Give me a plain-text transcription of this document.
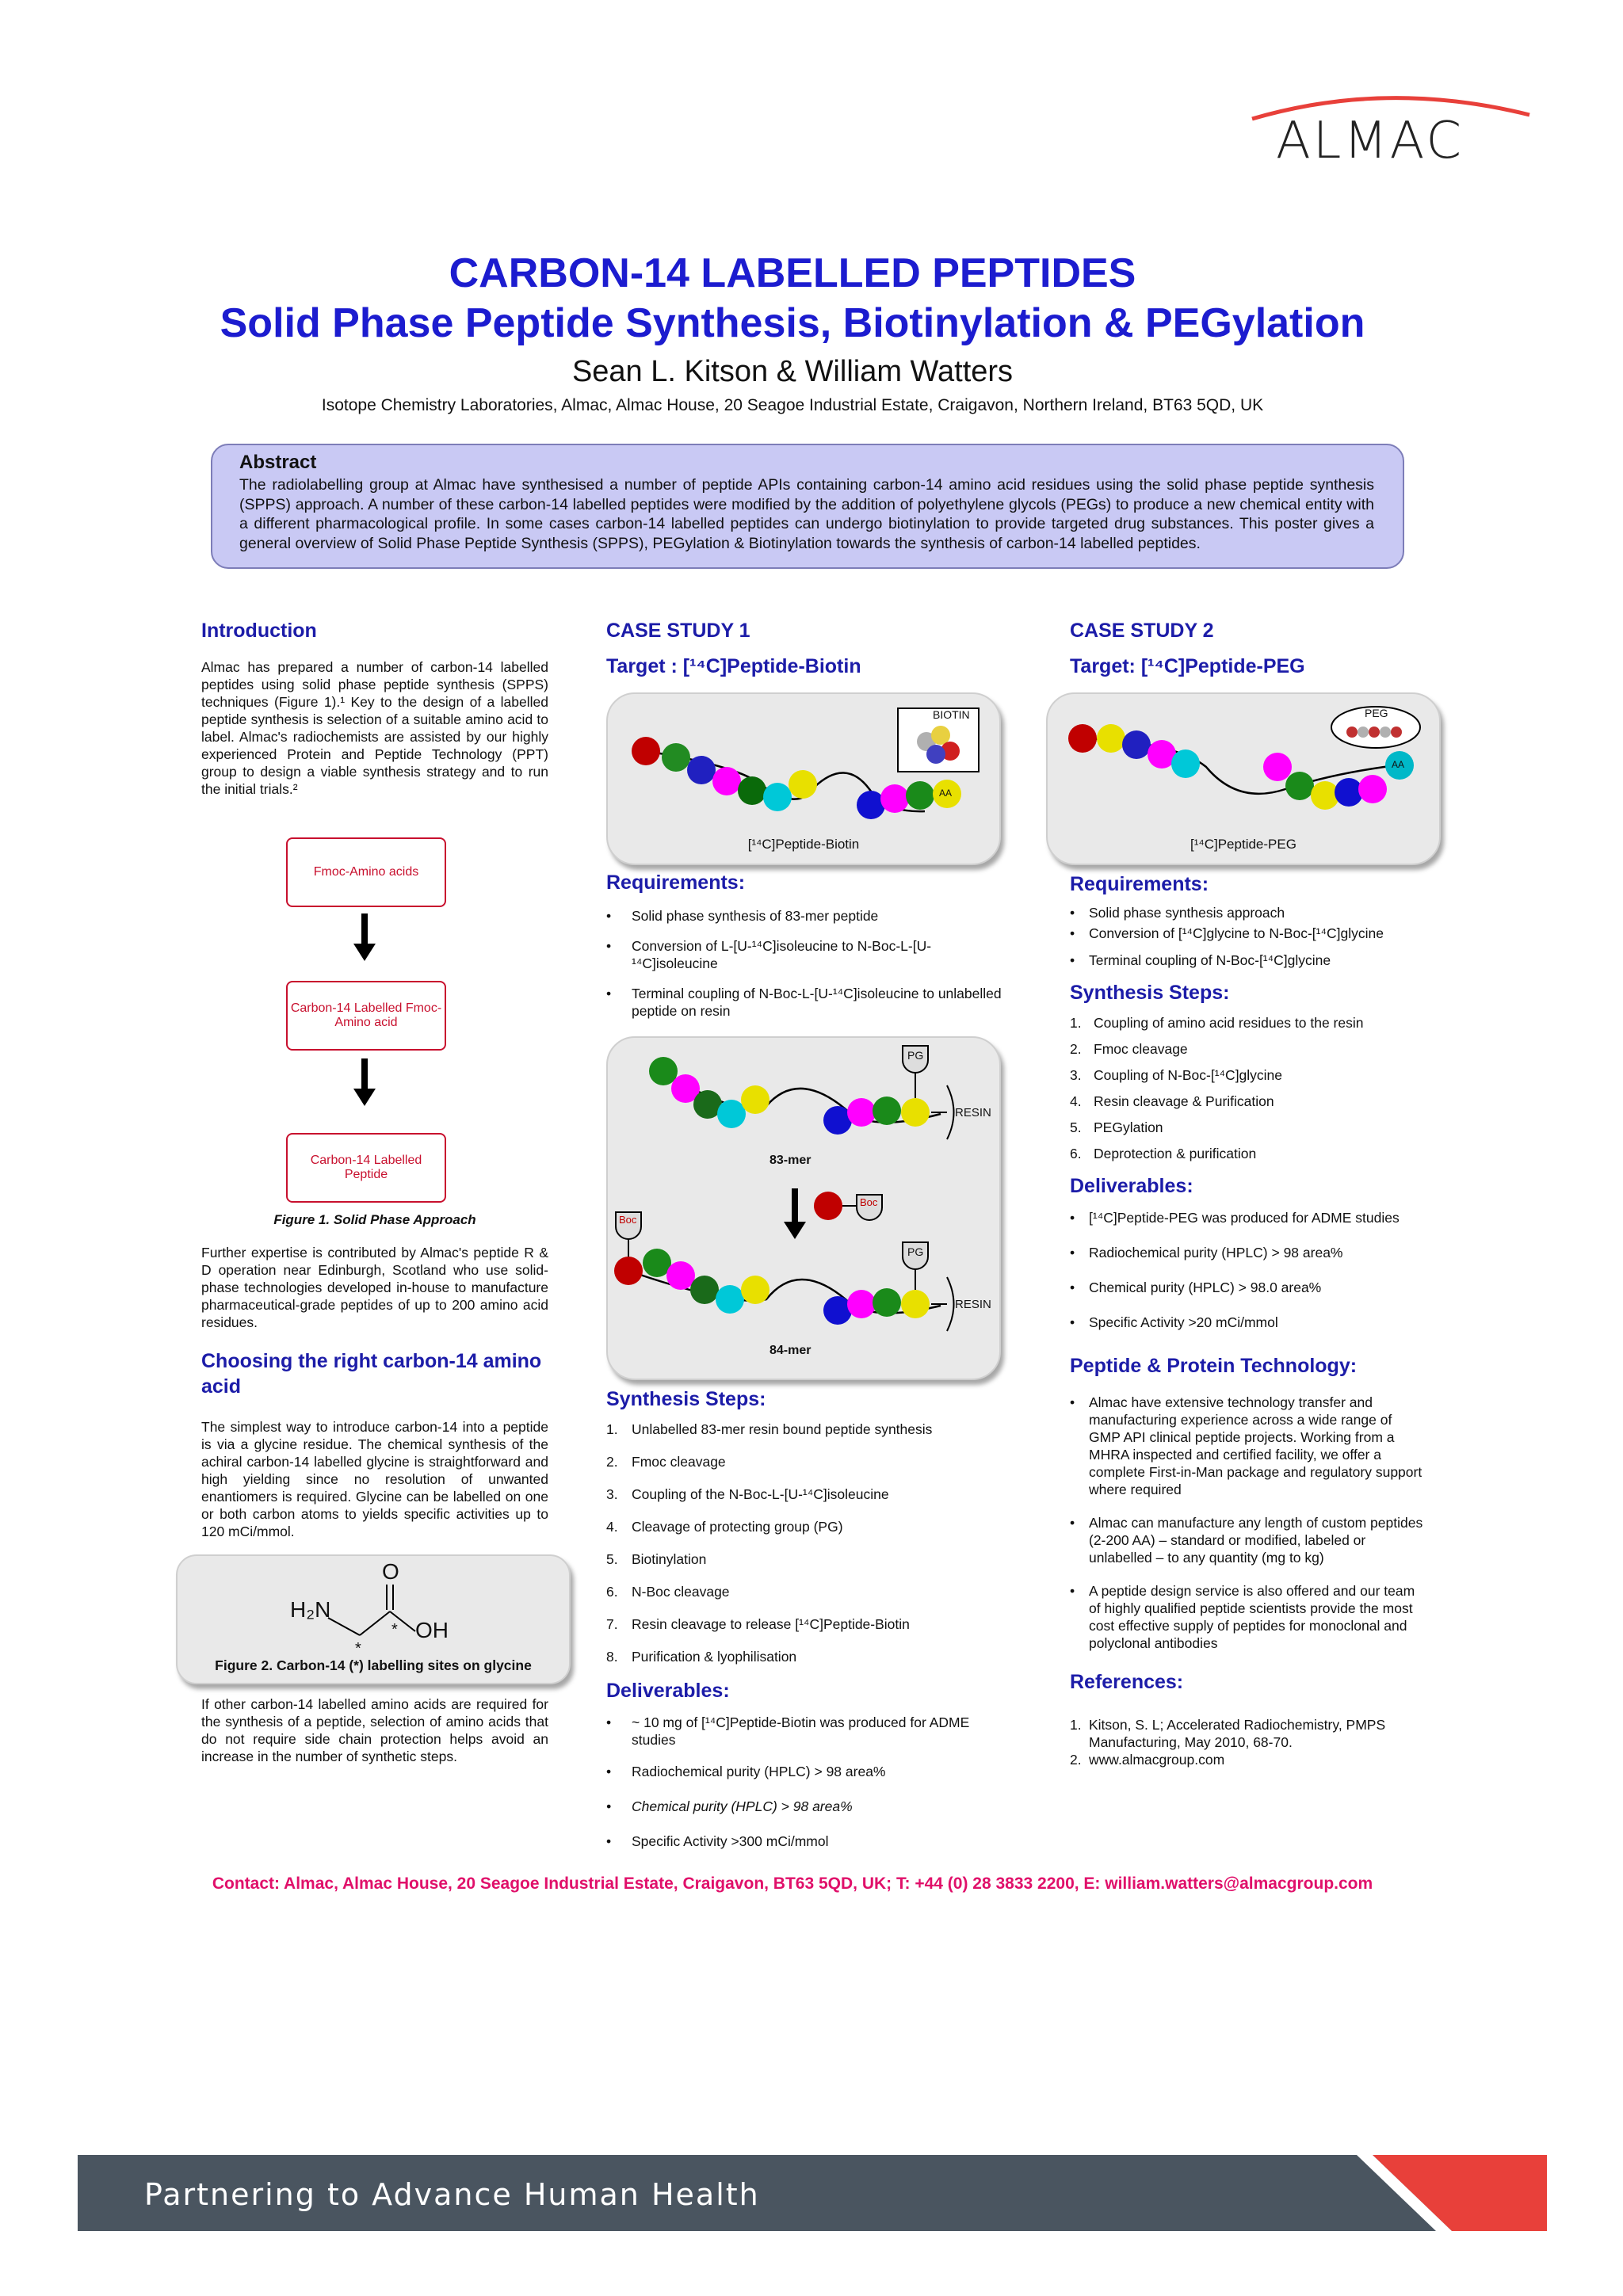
ALMAC
CARBON-14 LABELLED PEPTIDES
Solid Phase Peptide Synthesis, Biotinylation & PEGylation
Sean L. Kitson & William Watters
Isotope Chemistry Laboratories, Almac, Almac House, 20 Seagoe Industrial Estate, Craigavon, Northern Ireland, BT63 5QD, UK
Abstract

The radiolabelling group at Almac have synthesised a number of peptide APIs containing carbon-14 amino acid residues using the solid phase peptide synthesis (SPPS) approach. A number of these carbon-14 labelled peptides were modified by the addition of polyethylene glycols (PEGs) to produce a new chemical entity with a different pharmacological profile. In some cases carbon-14 labelled peptides can undergo biotinylation to provide targeted drug substances. This poster gives a general overview of Solid Phase Peptide Synthesis (SPPS), PEGylation & Biotinylation towards the synthesis of carbon-14 labelled peptides.

Introduction

Almac has prepared a number of carbon-14 labelled peptides using solid phase peptide synthesis (SPPS) techniques (Figure 1).¹ Key to the design of a labelled peptide synthesis is selection of a suitable amino acid to label. Almac's radiochemists are assisted by our highly experienced Protein and Peptide Technology (PPT) group to design a viable synthesis strategy and to run the initial trials.²

Fmoc-Amino acids
Carbon-14 Labelled Fmoc-Amino acid
Carbon-14 Labelled Peptide
Figure 1. Solid Phase Approach

Further expertise is contributed by Almac's peptide R & D operation near Edinburgh, Scotland who use solid-phase technologies developed in-house to manufacture pharmaceutical-grade peptides of up to 200 amino acid residues.

Choosing the right carbon-14 amino acid

The simplest way to introduce carbon-14 into a peptide is via a glycine residue. The chemical synthesis of the achiral carbon-14 labelled glycine is straightforward and high yielding since no resolution of unwanted enantiomers is required. Glycine can be labelled on one or both carbon atoms to yields specific activities up to 120 mCi/mmol.

H₂N
OH
O
*
*
Figure 2. Carbon-14 (*) labelling sites on glycine

If other carbon-14 labelled amino acids are required for the synthesis of a peptide, selection of amino acids that do not require side chain protection helps avoid an increase in the number of synthetic steps.

CASE STUDY 1
Target : [¹⁴C]Peptide-Biotin
BIOTIN
AA
[¹⁴C]Peptide-Biotin
Requirements:
• Solid phase synthesis of 83-mer peptide
• Conversion of L-[U-¹⁴C]isoleucine to N-Boc-L-[U-¹⁴C]isoleucine
• Terminal coupling of N-Boc-L-[U-¹⁴C]isoleucine to unlabelled peptide on resin
PG
RESIN
83-mer
Boc
Boc
PG
RESIN
84-mer
Synthesis Steps:
1. Unlabelled 83-mer resin bound peptide synthesis
2. Fmoc cleavage
3. Coupling of the N-Boc-L-[U-¹⁴C]isoleucine
4. Cleavage of protecting group (PG)
5. Biotinylation
6. N-Boc cleavage
7. Resin cleavage to release [¹⁴C]Peptide-Biotin
8. Purification & lyophilisation
Deliverables:
• ~ 10 mg of [¹⁴C]Peptide-Biotin was produced for ADME studies
• Radiochemical purity (HPLC) > 98 area%
• Chemical purity (HPLC) > 98 area%
• Specific Activity >300 mCi/mmol
CASE STUDY 2
Target: [¹⁴C]Peptide-PEG
PEG
AA
[¹⁴C]Peptide-PEG
Requirements:
• Solid phase synthesis approach
• Conversion of [¹⁴C]glycine to N-Boc-[¹⁴C]glycine
• Terminal coupling of N-Boc-[¹⁴C]glycine
Synthesis Steps:
1. Coupling of amino acid residues to the resin
2. Fmoc cleavage
3. Coupling of N-Boc-[¹⁴C]glycine
4. Resin cleavage & Purification
5. PEGylation
6. Deprotection & purification
Deliverables:
• [¹⁴C]Peptide-PEG was produced for ADME studies
• Radiochemical purity (HPLC) > 98 area%
• Chemical purity (HPLC) > 98.0 area%
• Specific Activity >20 mCi/mmol
Peptide & Protein Technology:
• Almac have extensive technology transfer and manufacturing experience across a wide range of GMP API clinical peptide projects. Working from a MHRA inspected and certified facility, we offer a complete First-in-Man package and regulatory support where required
• Almac can manufacture any length of custom peptides (2-200 AA) – standard or modified, labeled or unlabelled – to any quantity (mg to kg)
• A peptide design service is also offered and our team of highly qualified peptide scientists provide the most cost effective supply of peptides for monoclonal and polyclonal antibodies
References:
1. Kitson, S. L; Accelerated Radiochemistry, PMPS Manufacturing, May 2010, 68-70.
2. www.almacgroup.com
Contact: Almac, Almac House, 20 Seagoe Industrial Estate, Craigavon, BT63 5QD, UK; T: +44 (0) 28 3833 2200, E: william.watters@almacgroup.com
Partnering to Advance Human Health
